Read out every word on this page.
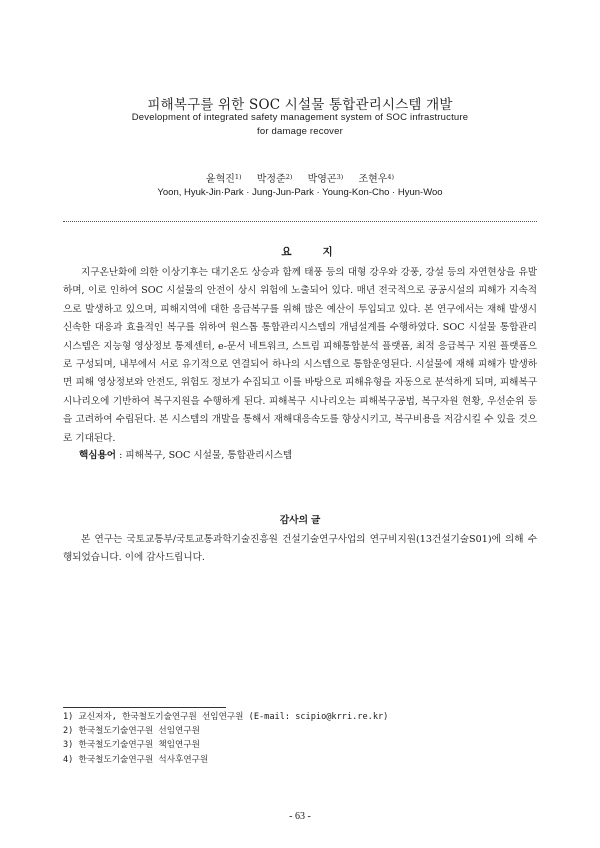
피해복구를 위한 SOC 시설물 통합관리시스템 개발
Development of integrated safety management system of SOC infrastructure
for damage recover
윤혁진$^{1)}$ 박정준$^{2)}$ 박영곤$^{3)}$ 조현우$^{4)}$
Yoon, Hyuk-Jin·Park · Jung-Jun-Park · Young-Kon-Cho · Hyun-Woo
요 지

지구온난화에 의한 이상기후는 대기온도 상승과 함께 태풍 등의 대형 강우와 강풍, 강설 등의 자연현상을 유발하며, 이로 인하여 SOC 시설물의 안전이 상시 위험에 노출되어 있다. 매년 전국적으로 공공시설의 피해가 지속적으로 발생하고 있으며, 피해지역에 대한 응급복구를 위해 많은 예산이 투입되고 있다. 본 연구에서는 재해 발생시 신속한 대응과 효율적인 복구를 위하여 원스톱 통합관리시스템의 개념설계를 수행하였다. SOC 시설물 통합관리시스템은 지능형 영상정보 통제센터, e-문서 네트워크, 스트림 피해통합분석 플랫폼, 최적 응급복구 지원 플랫폼으로 구성되며, 내부에서 서로 유기적으로 연결되어 하나의 시스템으로 통합운영된다. 시설물에 재해 피해가 발생하면 피해 영상정보와 안전도, 위험도 정보가 수집되고 이를 바탕으로 피해유형을 자동으로 분석하게 되며, 피해복구 시나리오에 기반하여 복구지원을 수행하게 된다. 피해복구 시나리오는 피해복구공법, 복구자원 현황, 우선순위 등을 고려하여 수립된다. 본 시스템의 개발을 통해서 재해대응속도를 향상시키고, 복구비용을 저감시킬 수 있을 것으로 기대된다.

핵심용어 : 피해복구, SOC 시설물, 통합관리시스템
감사의 글

본 연구는 국토교통부/국토교통과학기술진흥원 건설기술연구사업의 연구비지원(13건설기술S01)에 의해 수행되었습니다. 이에 감사드립니다.

1) 교신저자, 한국철도기술연구원 선임연구원 (E-mail: scipio@krri.re.kr)
2) 한국철도기술연구원 선임연구원
3) 한국철도기술연구원 책임연구원
4) 한국철도기술연구원 석사후연구원
- 63 -
